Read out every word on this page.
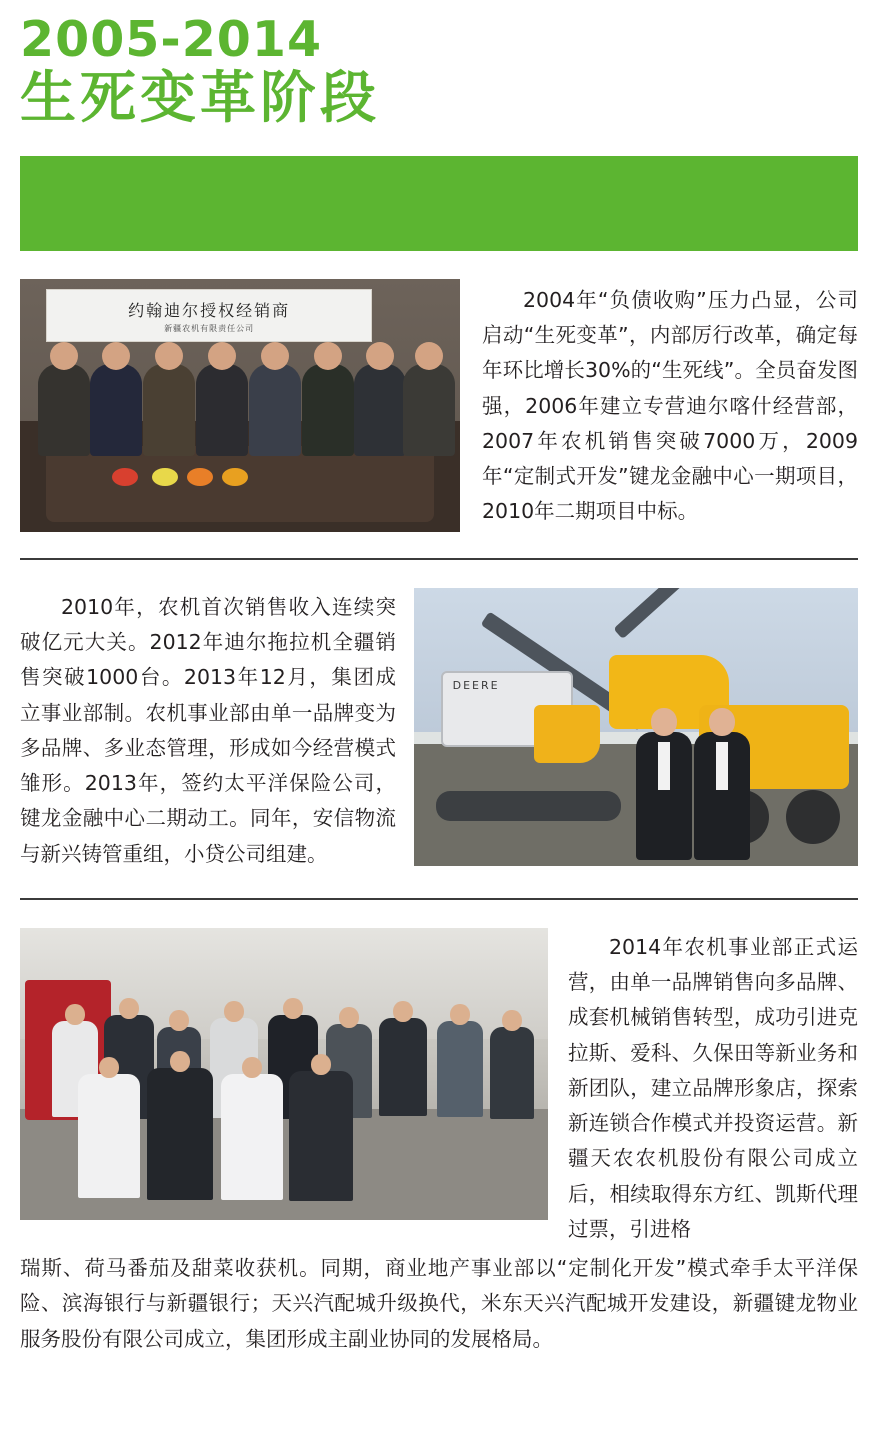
2005-2014
生死变革阶段
约翰迪尔授权经销商
新疆农机有限责任公司
2004年“负债收购”压力凸显，公司启动“生死变革”，内部厉行改革，确定每年环比增长30%的“生死线”。全员奋发图强，2006年建立专营迪尔喀什经营部，2007年农机销售突破7000万，2009年“定制式开发”键龙金融中心一期项目，2010年二期项目中标。
2010年，农机首次销售收入连续突破亿元大关。2012年迪尔拖拉机全疆销售突破1000台。2013年12月，集团成立事业部制。农机事业部由单一品牌变为多品牌、多业态管理，形成如今经营模式雏形。2013年，签约太平洋保险公司，键龙金融中心二期动工。同年，安信物流与新兴铸管重组，小贷公司组建。
DEERE
2014年农机事业部正式运营，由单一品牌销售向多品牌、成套机械销售转型，成功引进克拉斯、爱科、久保田等新业务和新团队，建立品牌形象店，探索新连锁合作模式并投资运营。新疆天农农机股份有限公司成立后，相续取得东方红、凯斯代理过票，引进格
瑞斯、荷马番茄及甜菜收获机。同期，商业地产事业部以“定制化开发”模式牵手太平洋保险、滨海银行与新疆银行；天兴汽配城升级换代，米东天兴汽配城开发建设，新疆键龙物业服务股份有限公司成立，集团形成主副业协同的发展格局。
